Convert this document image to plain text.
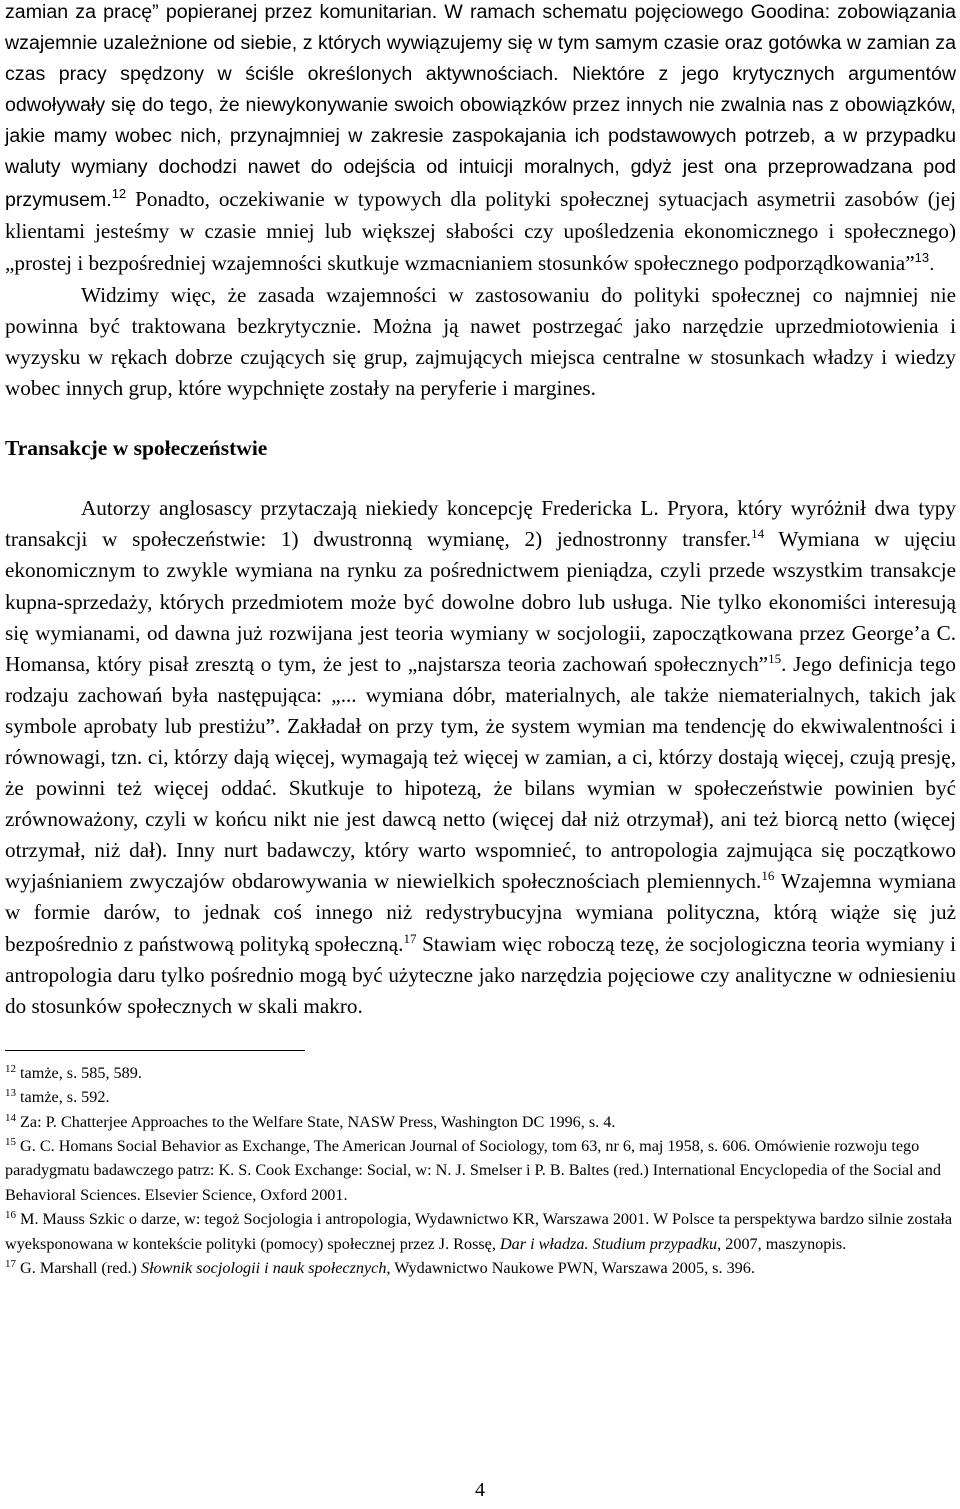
zamian za pracę” popieranej przez komunitarian. W ramach schematu pojęciowego Goodina: zobowiązania wzajemnie uzależnione od siebie, z których wywiązujemy się w tym samym czasie oraz gotówka w zamian za czas pracy spędzony w ściśle określonych aktywnościach. Niektóre z jego krytycznych argumentów odwoływały się do tego, że niewykonywanie swoich obowiązków przez innych nie zwalnia nas z obowiązków, jakie mamy wobec nich, przynajmniej w zakresie zaspokajania ich podstawowych potrzeb, a w przypadku waluty wymiany dochodzi nawet do odejścia od intuicji moralnych, gdyż jest ona przeprowadzana pod przymusem.$^{12}$ Ponadto, oczekiwanie w typowych dla polityki społecznej sytuacjach asymetrii zasobów (jej klientami jesteśmy w czasie mniej lub większej słabości czy upośledzenia ekonomicznego i społecznego) „prostej i bezpośredniej wzajemności skutkuje wzmacnianiem stosunków społecznego podporządkowania”$^{13}$.

Widzimy więc, że zasada wzajemności w zastosowaniu do polityki społecznej co najmniej nie powinna być traktowana bezkrytycznie. Można ją nawet postrzegać jako narzędzie uprzedmiotowienia i wyzysku w rękach dobrze czujących się grup, zajmujących miejsca centralne w stosunkach władzy i wiedzy wobec innych grup, które wypchnięte zostały na peryferie i margines.

Transakcje w społeczeństwie

Autorzy anglosascy przytaczają niekiedy koncepcję Fredericka L. Pryora, który wyróżnił dwa typy transakcji w społeczeństwie: 1) dwustronną wymianę, 2) jednostronny transfer.$^{14}$ Wymiana w ujęciu ekonomicznym to zwykle wymiana na rynku za pośrednictwem pieniądza, czyli przede wszystkim transakcje kupna-sprzedaży, których przedmiotem może być dowolne dobro lub usługa. Nie tylko ekonomiści interesują się wymianami, od dawna już rozwijana jest teoria wymiany w socjologii, zapoczątkowana przez George’a C. Homansa, który pisał zresztą o tym, że jest to „najstarsza teoria zachowań społecznych”$^{15}$. Jego definicja tego rodzaju zachowań była następująca: „... wymiana dóbr, materialnych, ale także niematerialnych, takich jak symbole aprobaty lub prestiżu”. Zakładał on przy tym, że system wymian ma tendencję do ekwiwalentności i równowagi, tzn. ci, którzy dają więcej, wymagają też więcej w zamian, a ci, którzy dostają więcej, czują presję, że powinni też więcej oddać. Skutkuje to hipotezą, że bilans wymian w społeczeństwie powinien być zrównoważony, czyli w końcu nikt nie jest dawcą netto (więcej dał niż otrzymał), ani też biorcą netto (więcej otrzymał, niż dał). Inny nurt badawczy, który warto wspomnieć, to antropologia zajmująca się początkowo wyjaśnianiem zwyczajów obdarowywania w niewielkich społecznościach plemiennych.$^{16}$ Wzajemna wymiana w formie darów, to jednak coś innego niż redystrybucyjna wymiana polityczna, którą wiąże się już bezpośrednio z państwową polityką społeczną.$^{17}$ Stawiam więc roboczą tezę, że socjologiczna teoria wymiany i antropologia daru tylko pośrednio mogą być użyteczne jako narzędzia pojęciowe czy analityczne w odniesieniu do stosunków społecznych w skali makro.

$^{12}$ tamże, s. 585, 589.

$^{13}$ tamże, s. 592.

$^{14}$ Za: P. Chatterjee Approaches to the Welfare State, NASW Press, Washington DC 1996, s. 4.

$^{15}$ G. C. Homans Social Behavior as Exchange, The American Journal of Sociology, tom 63, nr 6, maj 1958, s. 606. Omówienie rozwoju tego paradygmatu badawczego patrz: K. S. Cook Exchange: Social, w: N. J. Smelser i P. B. Baltes (red.) International Encyclopedia of the Social and Behavioral Sciences. Elsevier Science, Oxford 2001.

$^{16}$ M. Mauss Szkic o darze, w: tegoż Socjologia i antropologia, Wydawnictwo KR, Warszawa 2001. W Polsce ta perspektywa bardzo silnie została wyeksponowana w kontekście polityki (pomocy) społecznej przez J. Rossę, Dar i władza. Studium przypadku, 2007, maszynopis.

$^{17}$ G. Marshall (red.) Słownik socjologii i nauk społecznych, Wydawnictwo Naukowe PWN, Warszawa 2005, s. 396.

4
